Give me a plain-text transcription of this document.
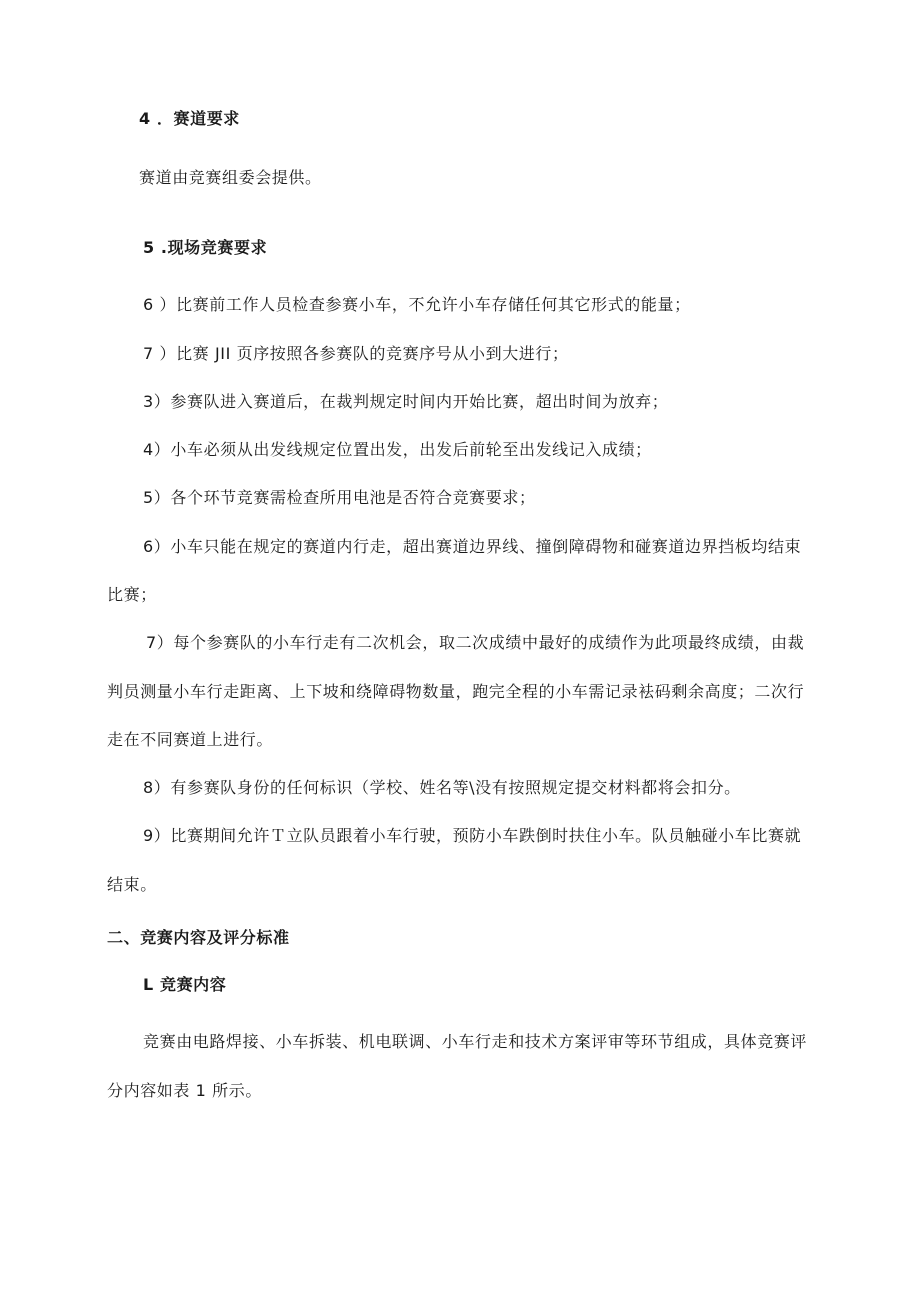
4 ．赛道要求
赛道由竞赛组委会提供。
5 .现场竞赛要求
6 ）比赛前工作人员检查参赛小车，不允许小车存储任何其它形式的能量；
7 ）比赛 JII 页序按照各参赛队的竞赛序号从小到大进行；
3）参赛队进入赛道后，在裁判规定时间内开始比赛，超出时间为放弃；
4）小车必须从出发线规定位置出发，出发后前轮至出发线记入成绩；
5）各个环节竞赛需检查所用电池是否符合竞赛要求；
6）小车只能在规定的赛道内行走，超出赛道边界线、撞倒障碍物和碰赛道边界挡板均结束
比赛；
7）每个参赛队的小车行走有二次机会，取二次成绩中最好的成绩作为此项最终成绩，由裁
判员测量小车行走距离、上下坡和绕障碍物数量，跑完全程的小车需记录袪码剩余高度；二次行
走在不同赛道上进行。
8）有参赛队身份的任何标识（学校、姓名等\没有按照规定提交材料都将会扣分。
9）比赛期间允许Ｔ立队员跟着小车行驶，预防小车跌倒时扶住小车。队员触碰小车比赛就
结束。
二、竞赛内容及评分标准
L 竞赛内容
竞赛由电路焊接、小车拆装、机电联调、小车行走和技术方案评审等环节组成，具体竞赛评
分内容如表 1 所示。
